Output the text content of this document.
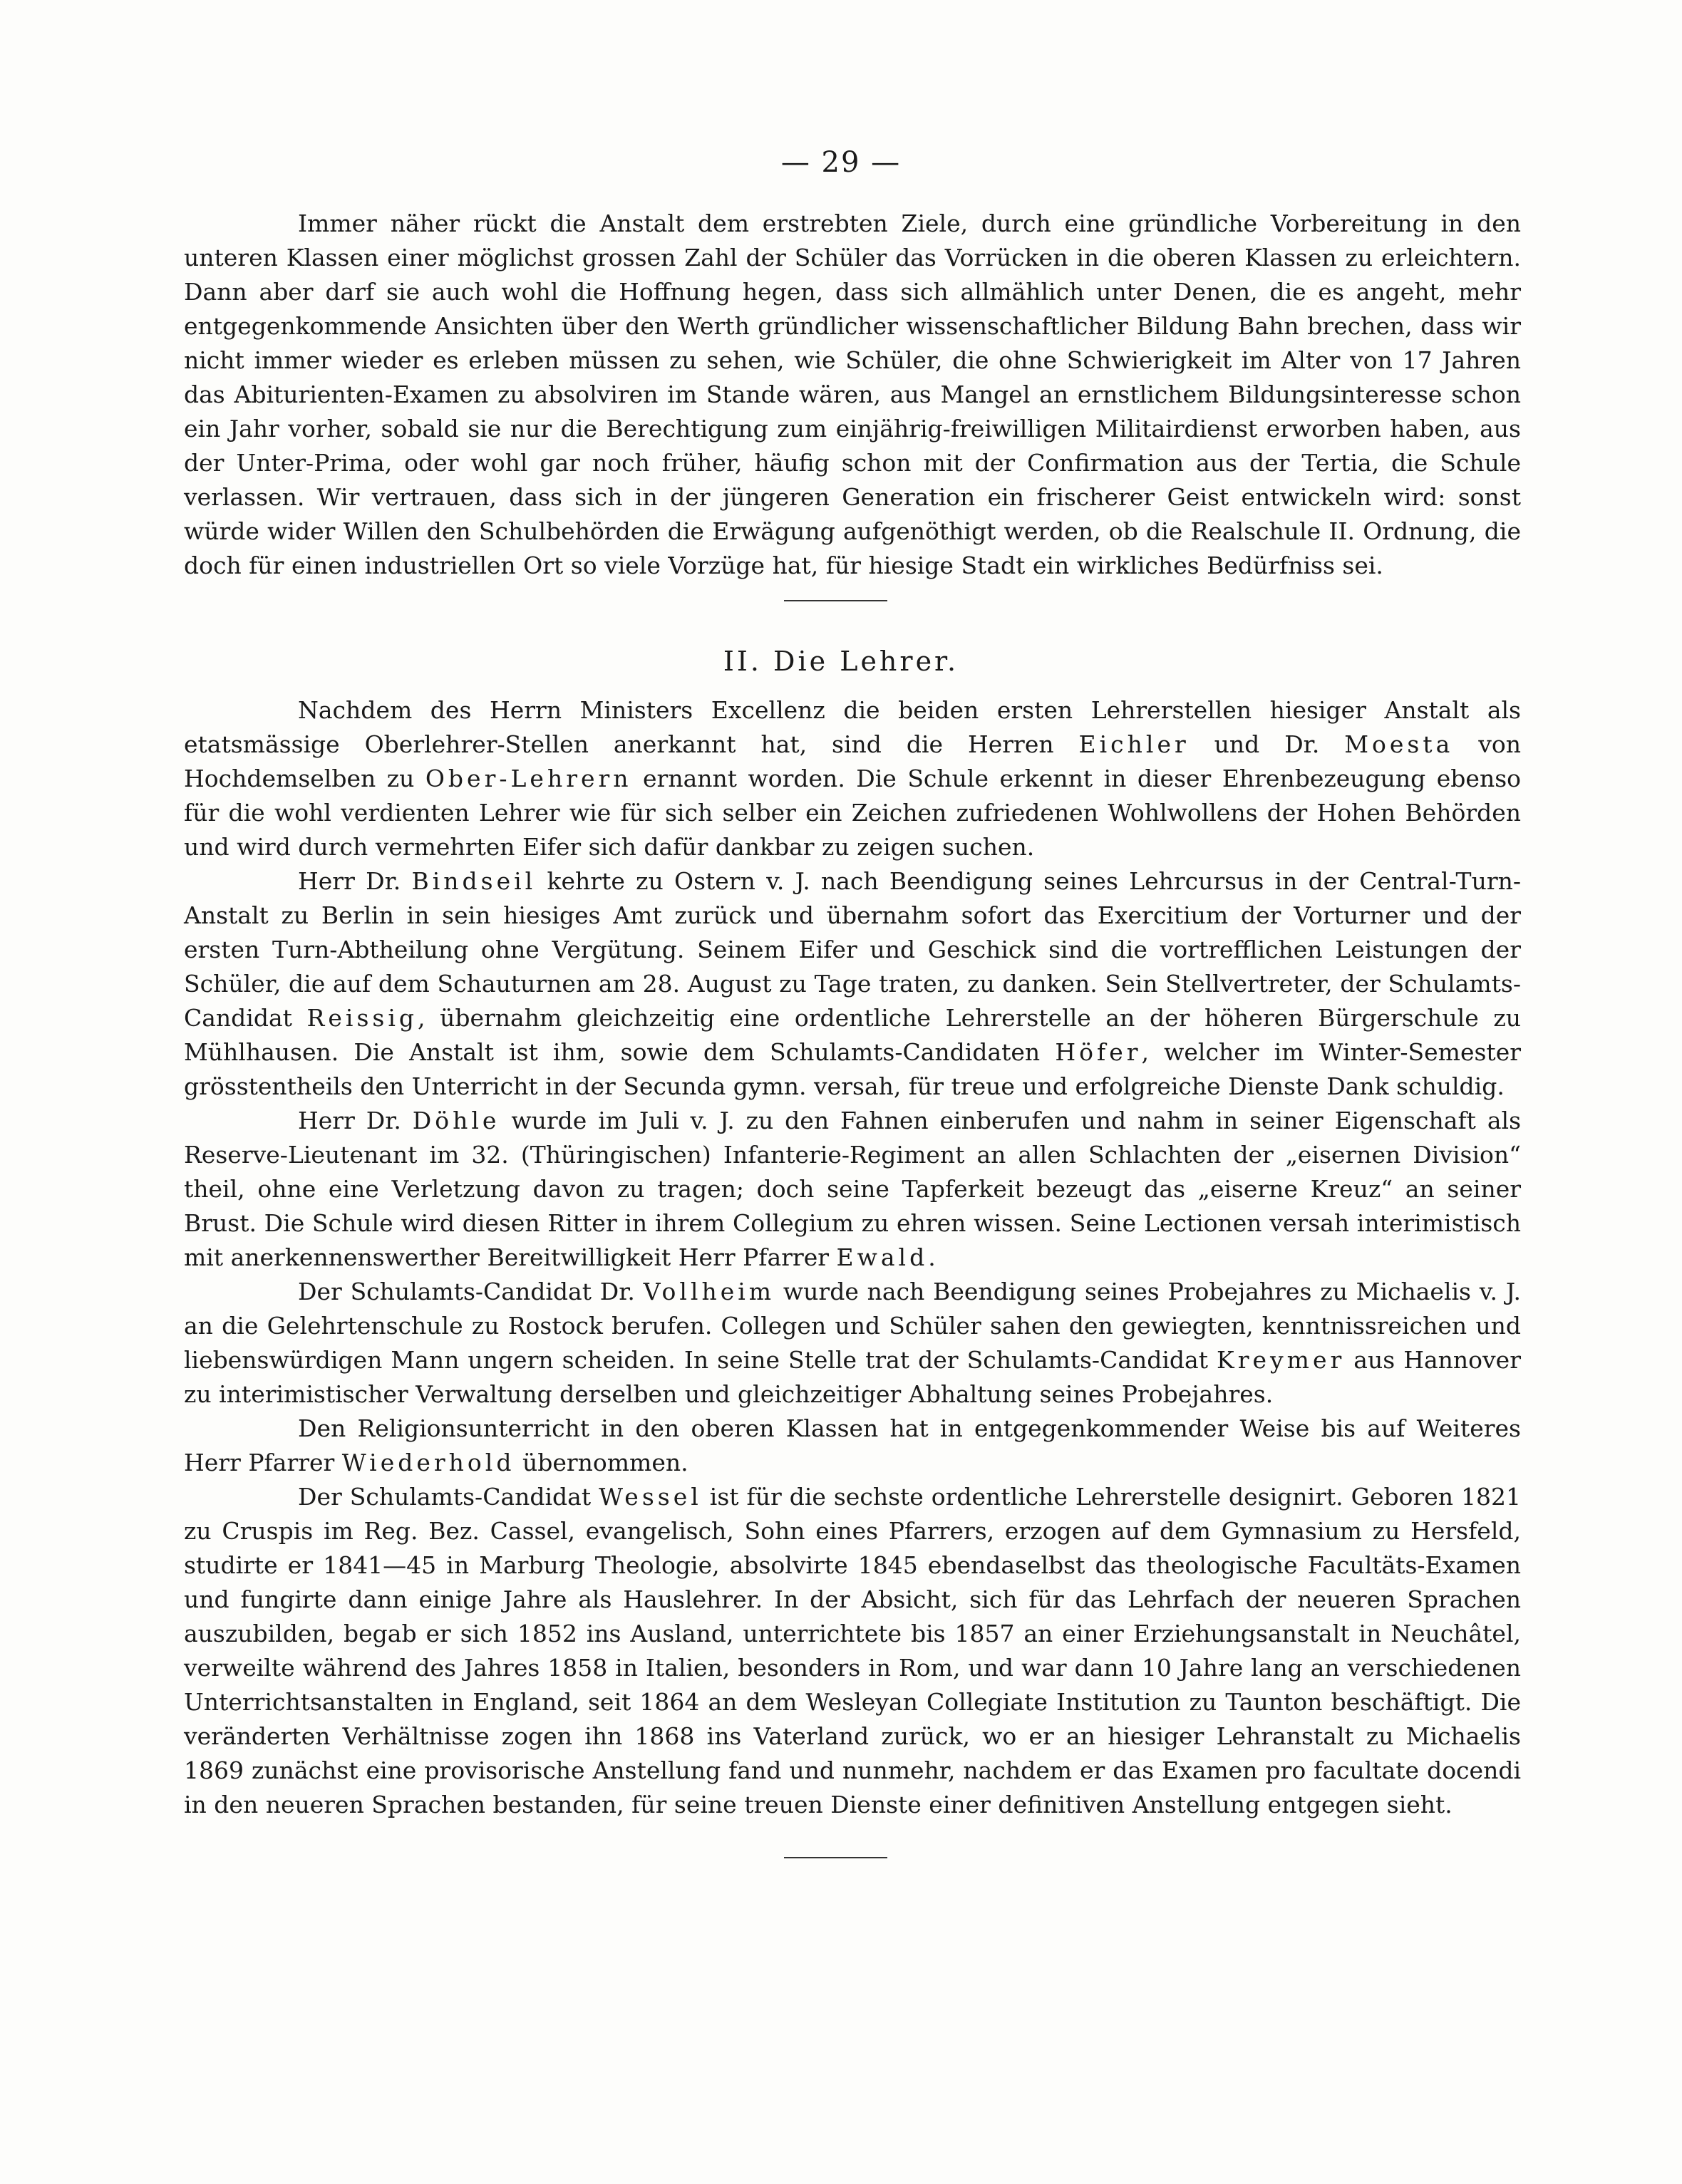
— 29 —

Immer näher rückt die Anstalt dem erstrebten Ziele, durch eine gründliche Vorbereitung in den unteren Klassen einer möglichst grossen Zahl der Schüler das Vorrücken in die oberen Klassen zu erleichtern. Dann aber darf sie auch wohl die Hoffnung hegen, dass sich allmählich unter Denen, die es angeht, mehr entgegenkommende Ansichten über den Werth gründlicher wissenschaftlicher Bildung Bahn brechen, dass wir nicht immer wieder es erleben müssen zu sehen, wie Schüler, die ohne Schwierigkeit im Alter von 17 Jahren das Abiturienten-Examen zu absolviren im Stande wären, aus Mangel an ernstlichem Bildungsinteresse schon ein Jahr vorher, sobald sie nur die Berechtigung zum einjährig-freiwilligen Militairdienst erworben haben, aus der Unter-Prima, oder wohl gar noch früher, häufig schon mit der Confirmation aus der Tertia, die Schule verlassen. Wir vertrauen, dass sich in der jüngeren Generation ein frischerer Geist entwickeln wird: sonst würde wider Willen den Schulbehörden die Erwägung aufgenöthigt werden, ob die Realschule II. Ordnung, die doch für einen industriellen Ort so viele Vorzüge hat, für hiesige Stadt ein wirkliches Bedürfniss sei.

II. Die Lehrer.

Nachdem des Herrn Ministers Excellenz die beiden ersten Lehrerstellen hiesiger Anstalt als etatsmässige Oberlehrer-Stellen anerkannt hat, sind die Herren Eichler und Dr. Moesta von Hochdemselben zu Ober-Lehrern ernannt worden. Die Schule erkennt in dieser Ehrenbezeugung ebenso für die wohl verdienten Lehrer wie für sich selber ein Zeichen zufriedenen Wohlwollens der Hohen Behörden und wird durch vermehrten Eifer sich dafür dankbar zu zeigen suchen.

Herr Dr. Bindseil kehrte zu Ostern v. J. nach Beendigung seines Lehrcursus in der Central-Turn-Anstalt zu Berlin in sein hiesiges Amt zurück und übernahm sofort das Exercitium der Vorturner und der ersten Turn-Abtheilung ohne Vergütung. Seinem Eifer und Geschick sind die vortrefflichen Leistungen der Schüler, die auf dem Schauturnen am 28. August zu Tage traten, zu danken. Sein Stellvertreter, der Schulamts-Candidat Reissig, übernahm gleichzeitig eine ordentliche Lehrerstelle an der höheren Bürgerschule zu Mühlhausen. Die Anstalt ist ihm, sowie dem Schulamts-Candidaten Höfer, welcher im Winter-Semester grösstentheils den Unterricht in der Secunda gymn. versah, für treue und erfolgreiche Dienste Dank schuldig.

Herr Dr. Döhle wurde im Juli v. J. zu den Fahnen einberufen und nahm in seiner Eigenschaft als Reserve-Lieutenant im 32. (Thüringischen) Infanterie-Regiment an allen Schlachten der „eisernen Division“ theil, ohne eine Verletzung davon zu tragen; doch seine Tapferkeit bezeugt das „eiserne Kreuz“ an seiner Brust. Die Schule wird diesen Ritter in ihrem Collegium zu ehren wissen. Seine Lectionen versah interimistisch mit anerkennenswerther Bereitwilligkeit Herr Pfarrer Ewald.

Der Schulamts-Candidat Dr. Vollheim wurde nach Beendigung seines Probejahres zu Michaelis v. J. an die Gelehrtenschule zu Rostock berufen. Collegen und Schüler sahen den gewiegten, kenntnissreichen und liebenswürdigen Mann ungern scheiden. In seine Stelle trat der Schulamts-Candidat Kreymer aus Hannover zu interimistischer Verwaltung derselben und gleichzeitiger Abhaltung seines Probejahres.

Den Religionsunterricht in den oberen Klassen hat in entgegenkommender Weise bis auf Weiteres Herr Pfarrer Wiederhold übernommen.

Der Schulamts-Candidat Wessel ist für die sechste ordentliche Lehrerstelle designirt. Geboren 1821 zu Cruspis im Reg. Bez. Cassel, evangelisch, Sohn eines Pfarrers, erzogen auf dem Gymnasium zu Hersfeld, studirte er 1841—45 in Marburg Theologie, absolvirte 1845 ebendaselbst das theologische Facultäts-Examen und fungirte dann einige Jahre als Hauslehrer. In der Absicht, sich für das Lehrfach der neueren Sprachen auszubilden, begab er sich 1852 ins Ausland, unterrichtete bis 1857 an einer Erziehungsanstalt in Neuchâtel, verweilte während des Jahres 1858 in Italien, besonders in Rom, und war dann 10 Jahre lang an verschiedenen Unterrichtsanstalten in England, seit 1864 an dem Wesleyan Collegiate Institution zu Taunton beschäftigt. Die veränderten Verhältnisse zogen ihn 1868 ins Vaterland zurück, wo er an hiesiger Lehranstalt zu Michaelis 1869 zunächst eine provisorische Anstellung fand und nunmehr, nachdem er das Examen pro facultate docendi in den neueren Sprachen bestanden, für seine treuen Dienste einer definitiven Anstellung entgegen sieht.
